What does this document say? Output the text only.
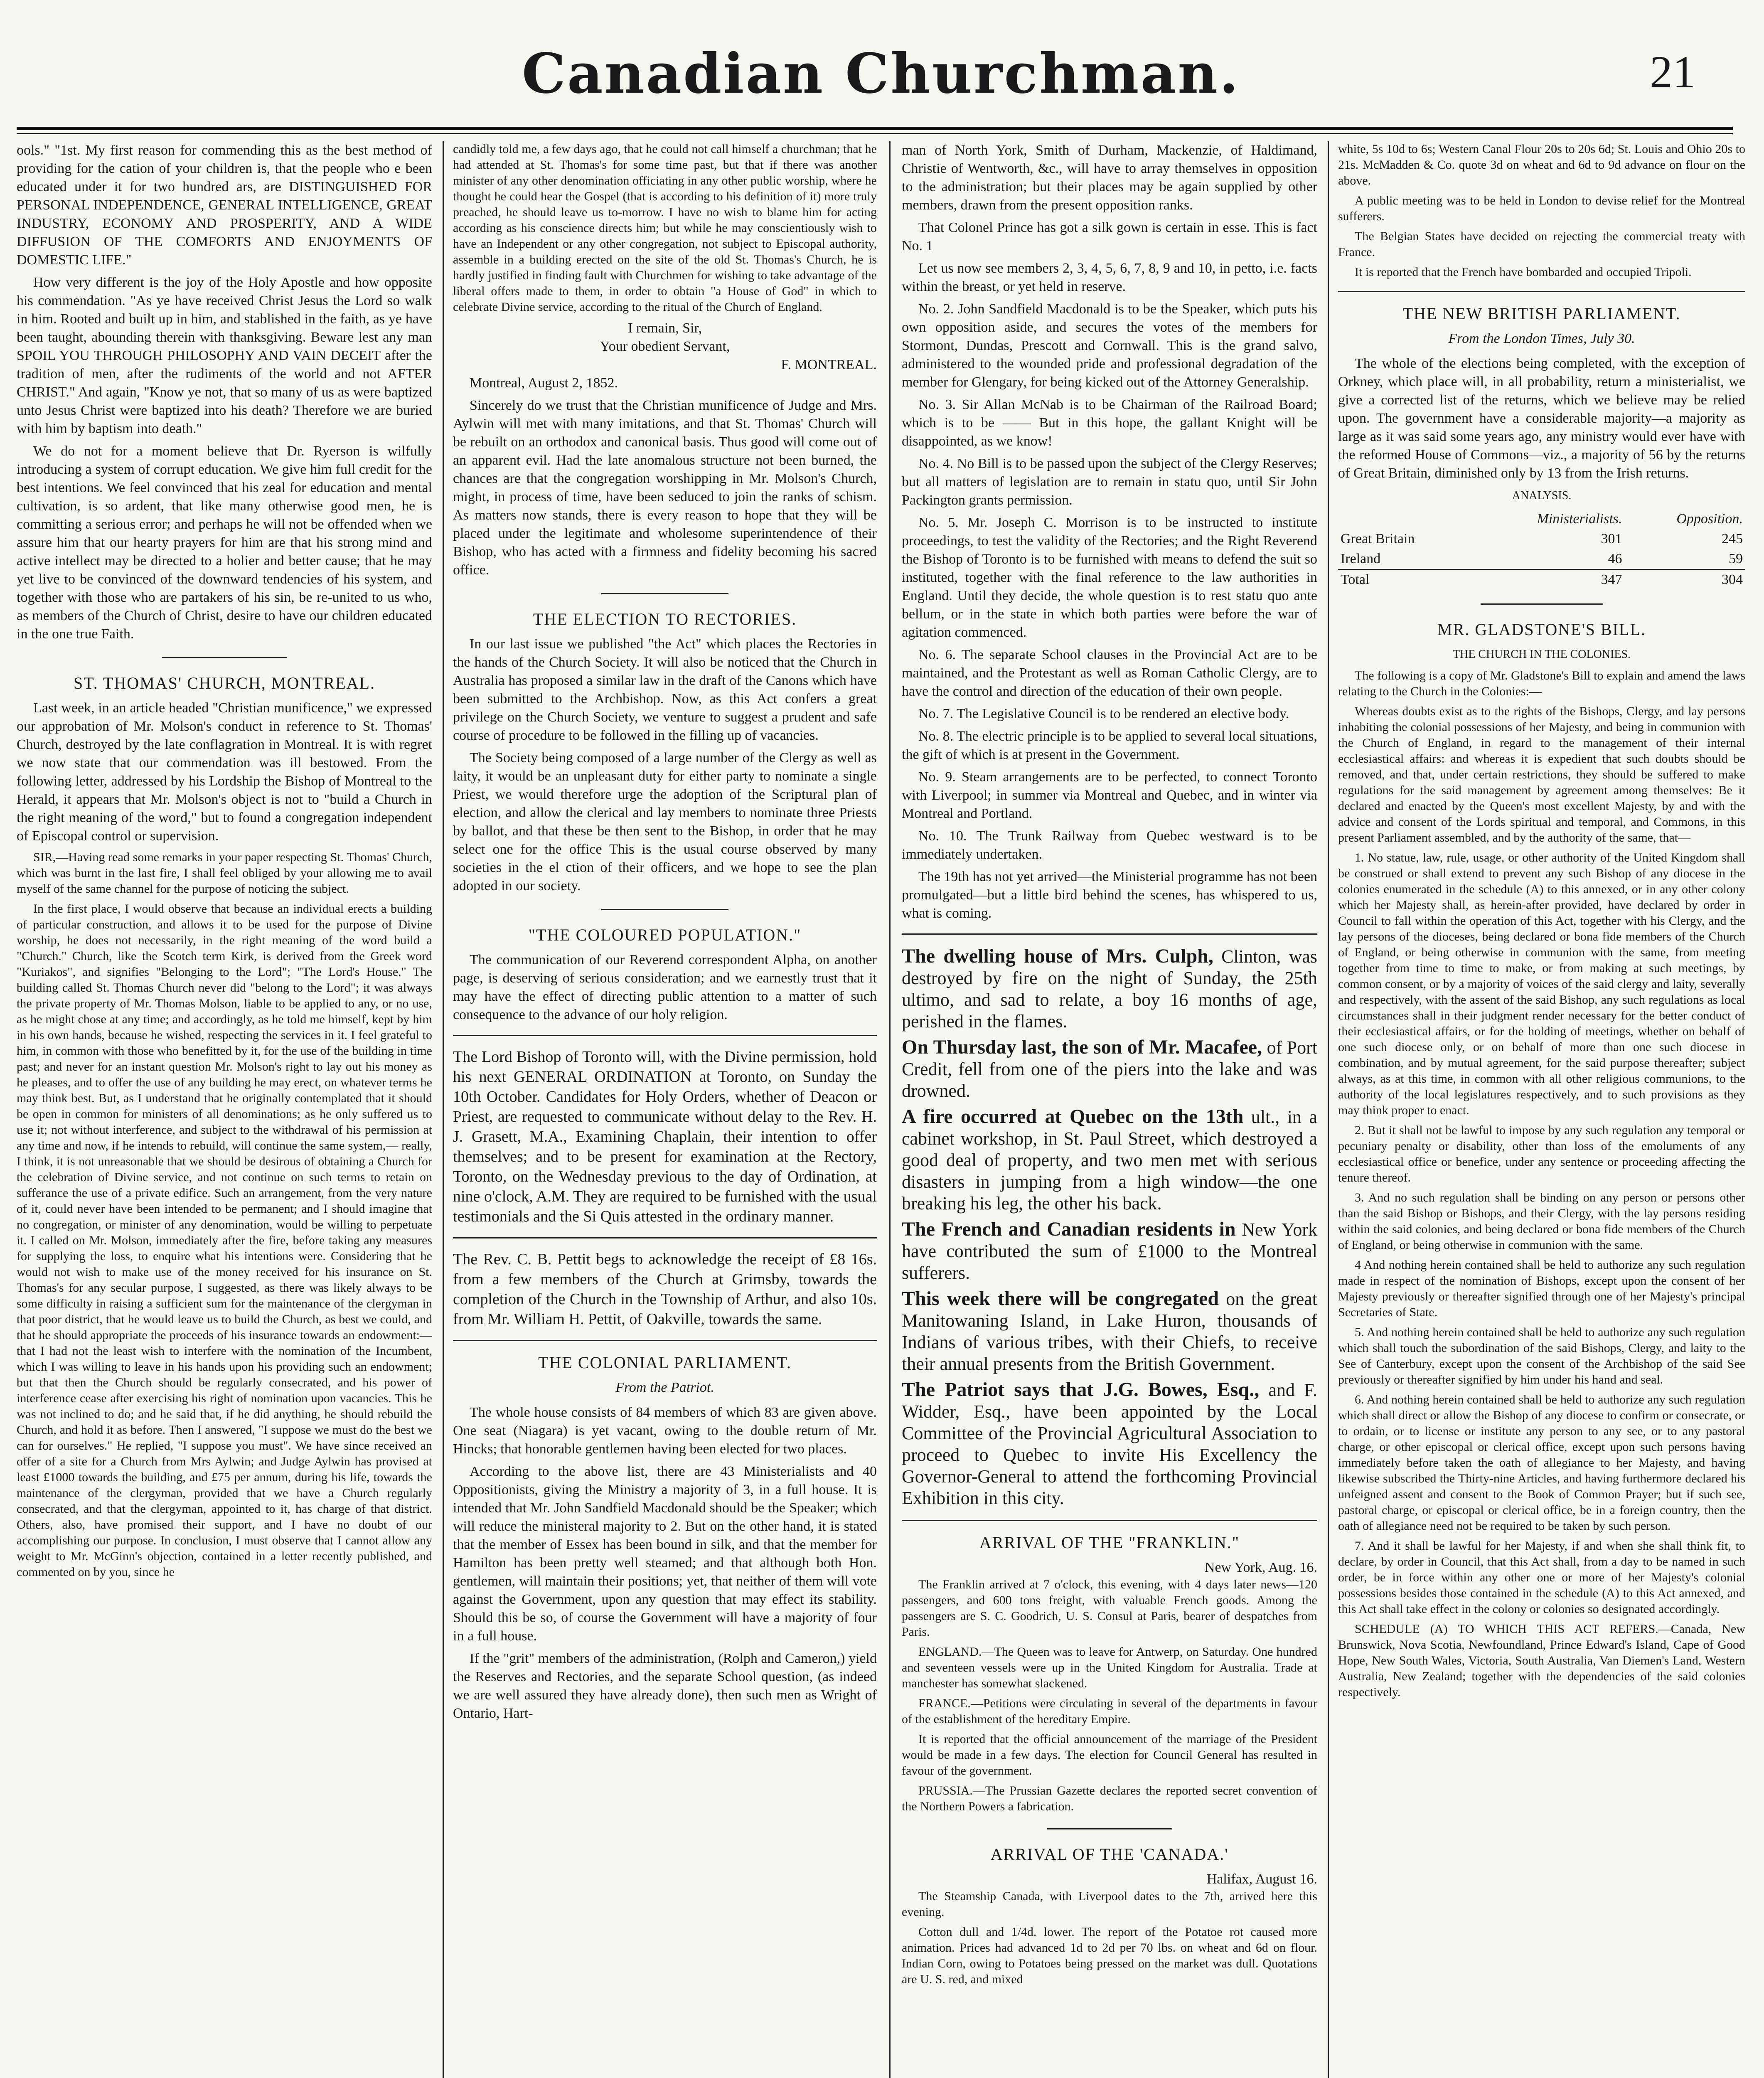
Canadian Churchman.	21

ools." "1st. My first reason for commending this as the best method of providing for the cation of your children is, that the people who e been educated under it for two hundred ars, are DISTINGUISHED FOR PERSONAL INDEPENDENCE, GENERAL INTELLIGENCE, GREAT INDUSTRY, ECONOMY AND PROSPERITY, AND A WIDE DIFFUSION OF THE COMFORTS AND ENJOYMENTS OF DOMESTIC LIFE."

How very different is the joy of the Holy Apostle and how opposite his commendation. "As ye have received Christ Jesus the Lord so walk in him. Rooted and built up in him, and stablished in the faith, as ye have been taught, abounding therein with thanksgiving. Beware lest any man SPOIL YOU THROUGH PHILOSOPHY AND VAIN DECEIT after the tradition of men, after the rudiments of the world and not AFTER CHRIST." And again, "Know ye not, that so many of us as were baptized unto Jesus Christ were baptized into his death? Therefore we are buried with him by baptism into death."

We do not for a moment believe that Dr. Ryerson is wilfully introducing a system of corrupt education. We give him full credit for the best intentions. We feel convinced that his zeal for education and mental cultivation, is so ardent, that like many otherwise good men, he is committing a serious error; and perhaps he will not be offended when we assure him that our hearty prayers for him are that his strong mind and active intellect may be directed to a holier and better cause; that he may yet live to be convinced of the downward tendencies of his system, and together with those who are partakers of his sin, be re-united to us who, as members of the Church of Christ, desire to have our children educated in the one true Faith.

ST. THOMAS' CHURCH, MONTREAL.

Last week, in an article headed "Christian munificence," we expressed our approbation of Mr. Molson's conduct in reference to St. Thomas' Church, destroyed by the late conflagration in Montreal. It is with regret we now state that our commendation was ill bestowed. From the following letter, addressed by his Lordship the Bishop of Montreal to the Herald, it appears that Mr. Molson's object is not to "build a Church in the right meaning of the word," but to found a congregation independent of Episcopal control or supervision.

SIR,—Having read some remarks in your paper respecting St. Thomas' Church, which was burnt in the last fire, I shall feel obliged by your allowing me to avail myself of the same channel for the purpose of noticing the subject.

In the first place, I would observe that because an individual erects a building of particular construction, and allows it to be used for the purpose of Divine worship, he does not necessarily, in the right meaning of the word build a "Church." Church, like the Scotch term Kirk, is derived from the Greek word "Kuriakos", and signifies "Belonging to the Lord"; "The Lord's House." The building called St. Thomas Church never did "belong to the Lord"; it was always the private property of Mr. Thomas Molson, liable to be applied to any, or no use, as he might chose at any time; and accordingly, as he told me himself, kept by him in his own hands, because he wished, respecting the services in it. I feel grateful to him, in common with those who benefitted by it, for the use of the building in time past; and never for an instant question Mr. Molson's right to lay out his money as he pleases, and to offer the use of any building he may erect, on whatever terms he may think best. But, as I understand that he originally contemplated that it should be open in common for ministers of all denominations; as he only suffered us to use it; not without interference, and subject to the withdrawal of his permission at any time and now, if he intends to rebuild, will continue the same system,— really, I think, it is not unreasonable that we should be desirous of obtaining a Church for the celebration of Divine service, and not continue on such terms to retain on sufferance the use of a private edifice. Such an arrangement, from the very nature of it, could never have been intended to be permanent; and I should imagine that no congregation, or minister of any denomination, would be willing to perpetuate it. I called on Mr. Molson, immediately after the fire, before taking any measures for supplying the loss, to enquire what his intentions were. Considering that he would not wish to make use of the money received for his insurance on St. Thomas's for any secular purpose, I suggested, as there was likely always to be some difficulty in raising a sufficient sum for the maintenance of the clergyman in that poor district, that he would leave us to build the Church, as best we could, and that he should appropriate the proceeds of his insurance towards an endowment:—that I had not the least wish to interfere with the nomination of the Incumbent, which I was willing to leave in his hands upon his providing such an endowment; but that then the Church should be regularly consecrated, and his power of interference cease after exercising his right of nomination upon vacancies. This he was not inclined to do; and he said that, if he did anything, he should rebuild the Church, and hold it as before. Then I answered, "I suppose we must do the best we can for ourselves." He replied, "I suppose you must". We have since received an offer of a site for a Church from Mrs Aylwin; and Judge Aylwin has provised at least £1000 towards the building, and £75 per annum, during his life, towards the maintenance of the clergyman, provided that we have a Church regularly consecrated, and that the clergyman, appointed to it, has charge of that district. Others, also, have promised their support, and I have no doubt of our accomplishing our purpose. In conclusion, I must observe that I cannot allow any weight to Mr. McGinn's objection, contained in a letter recently published, and commented on by you, since he

candidly told me, a few days ago, that he could not call himself a churchman; that he had attended at St. Thomas's for some time past, but that if there was another minister of any other denomination officiating in any other public worship, where he thought he could hear the Gospel (that is according to his definition of it) more truly preached, he should leave us to-morrow. I have no wish to blame him for acting according as his conscience directs him; but while he may conscientiously wish to have an Independent or any other congregation, not subject to Episcopal authority, assemble in a building erected on the site of the old St. Thomas's Church, he is hardly justified in finding fault with Churchmen for wishing to take advantage of the liberal offers made to them, in order to obtain "a House of God" in which to celebrate Divine service, according to the ritual of the Church of England.

I remain, Sir,

Your obedient Servant,

F. MONTREAL.

Montreal, August 2, 1852.

Sincerely do we trust that the Christian munificence of Judge and Mrs. Aylwin will met with many imitations, and that St. Thomas' Church will be rebuilt on an orthodox and canonical basis. Thus good will come out of an apparent evil. Had the late anomalous structure not been burned, the chances are that the congregation worshipping in Mr. Molson's Church, might, in process of time, have been seduced to join the ranks of schism. As matters now stands, there is every reason to hope that they will be placed under the legitimate and wholesome superintendence of their Bishop, who has acted with a firmness and fidelity becoming his sacred office.

THE ELECTION TO RECTORIES.

In our last issue we published "the Act" which places the Rectories in the hands of the Church Society. It will also be noticed that the Church in Australia has proposed a similar law in the draft of the Canons which have been submitted to the Archbishop. Now, as this Act confers a great privilege on the Church Society, we venture to suggest a prudent and safe course of procedure to be followed in the filling up of vacancies.

The Society being composed of a large number of the Clergy as well as laity, it would be an unpleasant duty for either party to nominate a single Priest, we would therefore urge the adoption of the Scriptural plan of election, and allow the clerical and lay members to nominate three Priests by ballot, and that these be then sent to the Bishop, in order that he may select one for the office This is the usual course observed by many societies in the el ction of their officers, and we hope to see the plan adopted in our society.

"THE COLOURED POPULATION."

The communication of our Reverend correspondent Alpha, on another page, is deserving of serious consideration; and we earnestly trust that it may have the effect of directing public attention to a matter of such consequence to the advance of our holy religion.

The Lord Bishop of Toronto will, with the Divine permission, hold his next GENERAL ORDINATION at Toronto, on Sunday the 10th October. Candidates for Holy Orders, whether of Deacon or Priest, are requested to communicate without delay to the Rev. H. J. Grasett, M.A., Examining Chaplain, their intention to offer themselves; and to be present for examination at the Rectory, Toronto, on the Wednesday previous to the day of Ordination, at nine o'clock, A.M. They are required to be furnished with the usual testimonials and the Si Quis attested in the ordinary manner.

The Rev. C. B. Pettit begs to acknowledge the receipt of £8 16s. from a few members of the Church at Grimsby, towards the completion of the Church in the Township of Arthur, and also 10s. from Mr. William H. Pettit, of Oakville, towards the same.

THE COLONIAL PARLIAMENT.

From the Patriot.

The whole house consists of 84 members of which 83 are given above. One seat (Niagara) is yet vacant, owing to the double return of Mr. Hincks; that honorable gentlemen having been elected for two places.

According to the above list, there are 43 Ministerialists and 40 Oppositionists, giving the Ministry a majority of 3, in a full house. It is intended that Mr. John Sandfield Macdonald should be the Speaker; which will reduce the ministeral majority to 2. But on the other hand, it is stated that the member of Essex has been bound in silk, and that the member for Hamilton has been pretty well steamed; and that although both Hon. gentlemen, will maintain their positions; yet, that neither of them will vote against the Government, upon any question that may effect its stability. Should this be so, of course the Government will have a majority of four in a full house.

If the "grit" members of the administration, (Rolph and Cameron,) yield the Reserves and Rectories, and the separate School question, (as indeed we are well assured they have already done), then such men as Wright of Ontario, Hart-

man of North York, Smith of Durham, Mackenzie, of Haldimand, Christie of Wentworth, &c., will have to array themselves in opposition to the administration; but their places may be again supplied by other members, drawn from the present opposition ranks.

That Colonel Prince has got a silk gown is certain in esse. This is fact No. 1

Let us now see members 2, 3, 4, 5, 6, 7, 8, 9 and 10, in petto, i.e. facts within the breast, or yet held in reserve.

No. 2. John Sandfield Macdonald is to be the Speaker, which puts his own opposition aside, and secures the votes of the members for Stormont, Dundas, Prescott and Cornwall. This is the grand salvo, administered to the wounded pride and professional degradation of the member for Glengary, for being kicked out of the Attorney Generalship.

No. 3. Sir Allan McNab is to be Chairman of the Railroad Board; which is to be —— But in this hope, the gallant Knight will be disappointed, as we know!

No. 4. No Bill is to be passed upon the subject of the Clergy Reserves; but all matters of legislation are to remain in statu quo, until Sir John Packington grants permission.

No. 5. Mr. Joseph C. Morrison is to be instructed to institute proceedings, to test the validity of the Rectories; and the Right Reverend the Bishop of Toronto is to be furnished with means to defend the suit so instituted, together with the final reference to the law authorities in England. Until they decide, the whole question is to rest statu quo ante bellum, or in the state in which both parties were before the war of agitation commenced.

No. 6. The separate School clauses in the Provincial Act are to be maintained, and the Protestant as well as Roman Catholic Clergy, are to have the control and direction of the education of their own people.

No. 7. The Legislative Council is to be rendered an elective body.

No. 8. The electric principle is to be applied to several local situations, the gift of which is at present in the Government.

No. 9. Steam arrangements are to be perfected, to connect Toronto with Liverpool; in summer via Montreal and Quebec, and in winter via Montreal and Portland.

No. 10. The Trunk Railway from Quebec westward is to be immediately undertaken.

The 19th has not yet arrived—the Ministerial programme has not been promulgated—but a little bird behind the scenes, has whispered to us, what is coming.

The dwelling house of Mrs. Culph, Clinton, was destroyed by fire on the night of Sunday, the 25th ultimo, and sad to relate, a boy 16 months of age, perished in the flames.

On Thursday last, the son of Mr. Macafee, of Port Credit, fell from one of the piers into the lake and was drowned.

A fire occurred at Quebec on the 13th ult., in a cabinet workshop, in St. Paul Street, which destroyed a good deal of property, and two men met with serious disasters in jumping from a high window—the one breaking his leg, the other his back.

The French and Canadian residents in New York have contributed the sum of £1000 to the Montreal sufferers.

This week there will be congregated on the great Manitowaning Island, in Lake Huron, thousands of Indians of various tribes, with their Chiefs, to receive their annual presents from the British Government.

The Patriot says that J.G. Bowes, Esq., and F. Widder, Esq., have been appointed by the Local Committee of the Provincial Agricultural Association to proceed to Quebec to invite His Excellency the Governor-General to attend the forthcoming Provincial Exhibition in this city.

ARRIVAL OF THE "FRANKLIN."

New York, Aug. 16.

The Franklin arrived at 7 o'clock, this evening, with 4 days later news—120 passengers, and 600 tons freight, with valuable French goods. Among the passengers are S. C. Goodrich, U. S. Consul at Paris, bearer of despatches from Paris.

ENGLAND.—The Queen was to leave for Antwerp, on Saturday. One hundred and seventeen vessels were up in the United Kingdom for Australia. Trade at manchester has somewhat slackened.

FRANCE.—Petitions were circulating in several of the departments in favour of the establishment of the hereditary Empire.

It is reported that the official announcement of the marriage of the President would be made in a few days. The election for Council General has resulted in favour of the government.

PRUSSIA.—The Prussian Gazette declares the reported secret convention of the Northern Powers a fabrication.

ARRIVAL OF THE 'CANADA.'

Halifax, August 16.

The Steamship Canada, with Liverpool dates to the 7th, arrived here this evening.

Cotton dull and 1/4d. lower. The report of the Potatoe rot caused more animation. Prices had advanced 1d to 2d per 70 lbs. on wheat and 6d on flour. Indian Corn, owing to Potatoes being pressed on the market was dull. Quotations are U. S. red, and mixed

white, 5s 10d to 6s; Western Canal Flour 20s to 20s 6d; St. Louis and Ohio 20s to 21s. McMadden & Co. quote 3d on wheat and 6d to 9d advance on flour on the above.

A public meeting was to be held in London to devise relief for the Montreal sufferers.

The Belgian States have decided on rejecting the commercial treaty with France.

It is reported that the French have bombarded and occupied Tripoli.

THE NEW BRITISH PARLIAMENT.

From the London Times, July 30.

The whole of the elections being completed, with the exception of Orkney, which place will, in all probability, return a ministerialist, we give a corrected list of the returns, which we believe may be relied upon. The government have a considerable majority—a majority as large as it was said some years ago, any ministry would ever have with the reformed House of Commons—viz., a majority of 56 by the returns of Great Britain, diminished only by 13 from the Irish returns.

ANALYSIS.

	Ministerialists.	Opposition.
Great Britain	301	245
Ireland	46	59
Total	347	304

MR. GLADSTONE'S BILL.

THE CHURCH IN THE COLONIES.

The following is a copy of Mr. Gladstone's Bill to explain and amend the laws relating to the Church in the Colonies:—

Whereas doubts exist as to the rights of the Bishops, Clergy, and lay persons inhabiting the colonial possessions of her Majesty, and being in communion with the Church of England, in regard to the management of their internal ecclesiastical affairs: and whereas it is expedient that such doubts should be removed, and that, under certain restrictions, they should be suffered to make regulations for the said management by agreement among themselves: Be it declared and enacted by the Queen's most excellent Majesty, by and with the advice and consent of the Lords spiritual and temporal, and Commons, in this present Parliament assembled, and by the authority of the same, that—

1. No statue, law, rule, usage, or other authority of the United Kingdom shall be construed or shall extend to prevent any such Bishop of any diocese in the colonies enumerated in the schedule (A) to this annexed, or in any other colony which her Majesty shall, as herein-after provided, have declared by order in Council to fall within the operation of this Act, together with his Clergy, and the lay persons of the dioceses, being declared or bona fide members of the Church of England, or being otherwise in communion with the same, from meeting together from time to time to make, or from making at such meetings, by common consent, or by a majority of voices of the said clergy and laity, severally and respectively, with the assent of the said Bishop, any such regulations as local circumstances shall in their judgment render necessary for the better conduct of their ecclesiastical affairs, or for the holding of meetings, whether on behalf of one such diocese only, or on behalf of more than one such diocese in combination, and by mutual agreement, for the said purpose thereafter; subject always, as at this time, in common with all other religious communions, to the authority of the local legislatures respectively, and to such provisions as they may think proper to enact.

2. But it shall not be lawful to impose by any such regulation any temporal or pecuniary penalty or disability, other than loss of the emoluments of any ecclesiastical office or benefice, under any sentence or proceeding affecting the tenure thereof.

3. And no such regulation shall be binding on any person or persons other than the said Bishop or Bishops, and their Clergy, with the lay persons residing within the said colonies, and being declared or bona fide members of the Church of England, or being otherwise in communion with the same.

4 And nothing herein contained shall be held to authorize any such regulation made in respect of the nomination of Bishops, except upon the consent of her Majesty previously or thereafter signified through one of her Majesty's principal Secretaries of State.

5. And nothing herein contained shall be held to authorize any such regulation which shall touch the subordination of the said Bishops, Clergy, and laity to the See of Canterbury, except upon the consent of the Archbishop of the said See previously or thereafter signified by him under his hand and seal.

6. And nothing herein contained shall be held to authorize any such regulation which shall direct or allow the Bishop of any diocese to confirm or consecrate, or to ordain, or to license or institute any person to any see, or to any pastoral charge, or other episcopal or clerical office, except upon such persons having immediately before taken the oath of allegiance to her Majesty, and having likewise subscribed the Thirty-nine Articles, and having furthermore declared his unfeigned assent and consent to the Book of Common Prayer; but if such see, pastoral charge, or episcopal or clerical office, be in a foreign country, then the oath of allegiance need not be required to be taken by such person.

7. And it shall be lawful for her Majesty, if and when she shall think fit, to declare, by order in Council, that this Act shall, from a day to be named in such order, be in force within any other one or more of her Majesty's colonial possessions besides those contained in the schedule (A) to this Act annexed, and this Act shall take effect in the colony or colonies so designated accordingly.

SCHEDULE (A) TO WHICH THIS ACT REFERS.—Canada, New Brunswick, Nova Scotia, Newfoundland, Prince Edward's Island, Cape of Good Hope, New South Wales, Victoria, South Australia, Van Diemen's Land, Western Australia, New Zealand; together with the dependencies of the said colonies respectively.
